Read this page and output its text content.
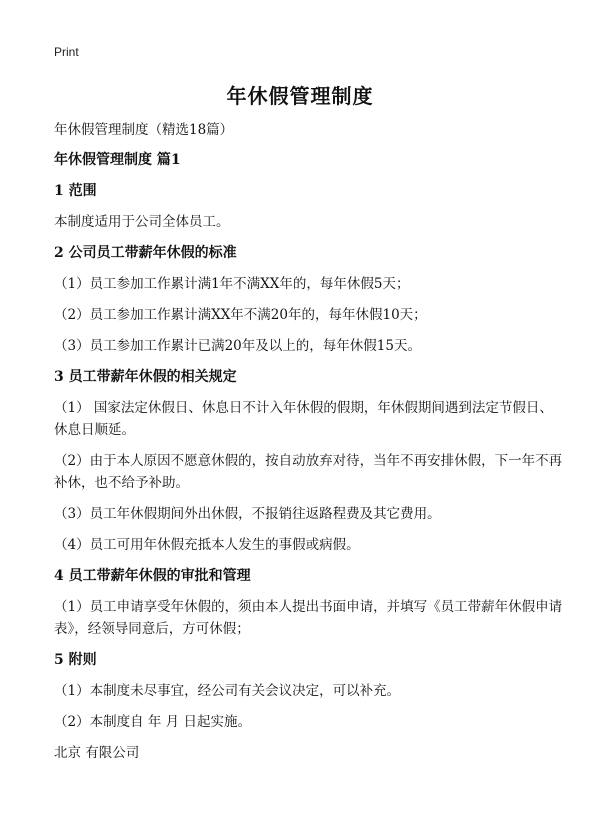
Print
年休假管理制度
年休假管理制度（精选18篇）
年休假管理制度 篇1
1 范围
本制度适用于公司全体员工。
2 公司员工带薪年休假的标准
（1）员工参加工作累计满1年不满XX年的，每年休假5天；
（2）员工参加工作累计满XX年不满20年的，每年休假10天；
（3）员工参加工作累计已满20年及以上的，每年休假15天。
3 员工带薪年休假的相关规定
（1） 国家法定休假日、休息日不计入年休假的假期，年休假期间遇到法定节假日、休息日顺延。
（2）由于本人原因不愿意休假的，按自动放弃对待，当年不再安排休假，下一年不再补休，也不给予补助。
（3）员工年休假期间外出休假，不报销往返路程费及其它费用。
（4）员工可用年休假充抵本人发生的事假或病假。
4 员工带薪年休假的审批和管理
（1）员工申请享受年休假的，须由本人提出书面申请，并填写《员工带薪年休假申请表》，经领导同意后，方可休假；
5 附则
（1）本制度未尽事宜，经公司有关会议决定，可以补充。
（2）本制度自 年 月 日起实施。
北京 有限公司
